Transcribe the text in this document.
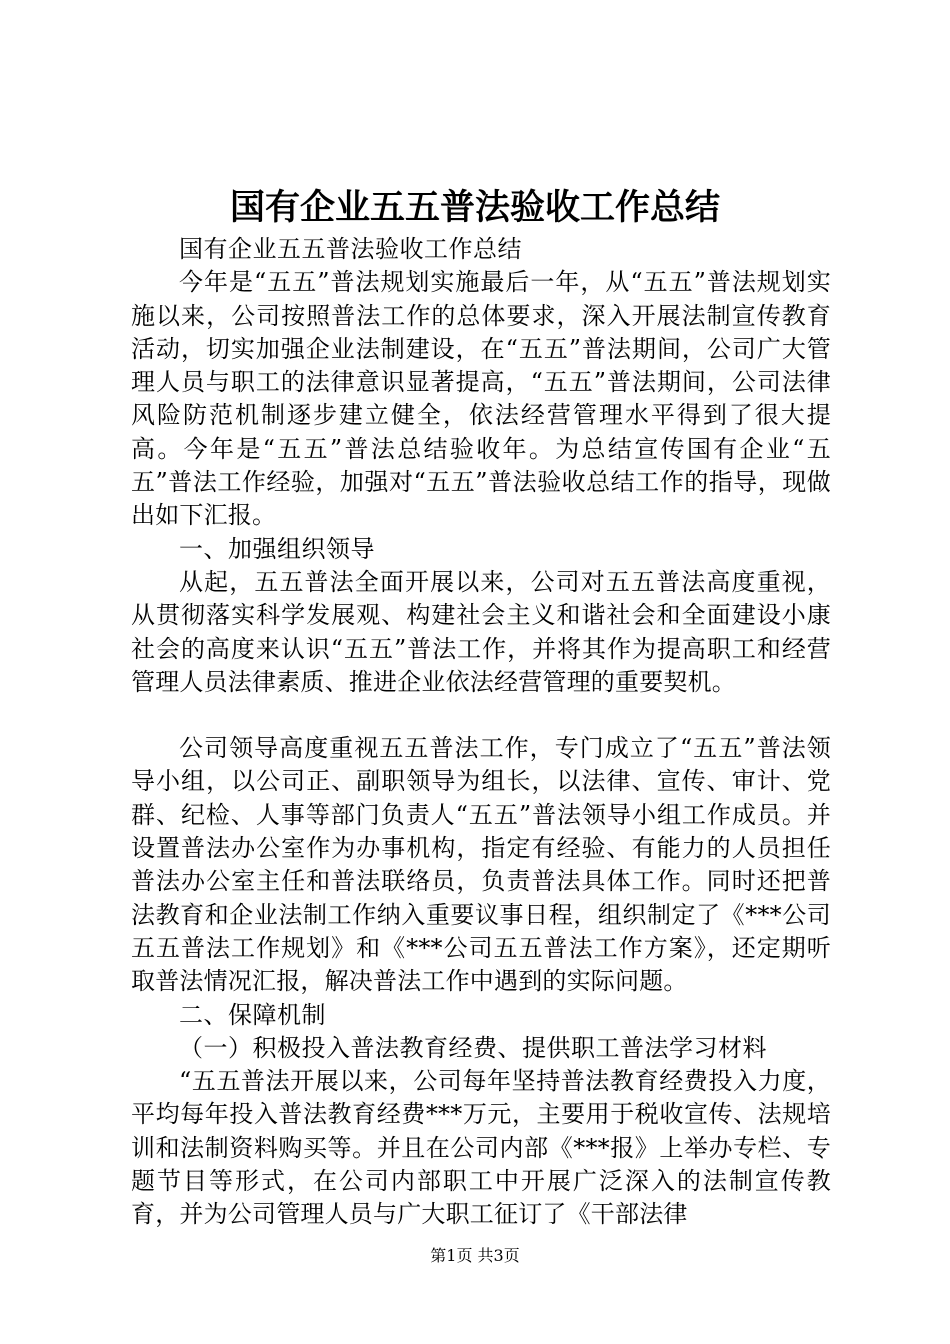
国有企业五五普法验收工作总结

国有企业五五普法验收工作总结

今年是“五五”普法规划实施最后一年，从“五五”普法规划实施以来，公司按照普法工作的总体要求，深入开展法制宣传教育活动，切实加强企业法制建设，在“五五”普法期间，公司广大管理人员与职工的法律意识显著提高，“五五”普法期间，公司法律风险防范机制逐步建立健全，依法经营管理水平得到了很大提高。今年是“五五”普法总结验收年。为总结宣传国有企业“五五”普法工作经验，加强对“五五”普法验收总结工作的指导，现做出如下汇报。

一、加强组织领导

从起，五五普法全面开展以来，公司对五五普法高度重视，从贯彻落实科学发展观、构建社会主义和谐社会和全面建设小康社会的高度来认识“五五”普法工作，并将其作为提高职工和经营管理人员法律素质、推进企业依法经营管理的重要契机。

公司领导高度重视五五普法工作，专门成立了“五五”普法领导小组，以公司正、副职领导为组长，以法律、宣传、审计、党群、纪检、人事等部门负责人“五五”普法领导小组工作成员。并设置普法办公室作为办事机构，指定有经验、有能力的人员担任普法办公室主任和普法联络员，负责普法具体工作。同时还把普法教育和企业法制工作纳入重要议事日程，组织制定了《***公司五五普法工作规划》和《***公司五五普法工作方案》，还定期听取普法情况汇报，解决普法工作中遇到的实际问题。

二、保障机制

（一）积极投入普法教育经费、提供职工普法学习材料

“五五普法开展以来，公司每年坚持普法教育经费投入力度，平均每年投入普法教育经费***万元，主要用于税收宣传、法规培训和法制资料购买等。并且在公司内部《***报》上举办专栏、专题节目等形式，在公司内部职工中开展广泛深入的法制宣传教育，并为公司管理人员与广大职工征订了《干部法律

第1页 共3页
